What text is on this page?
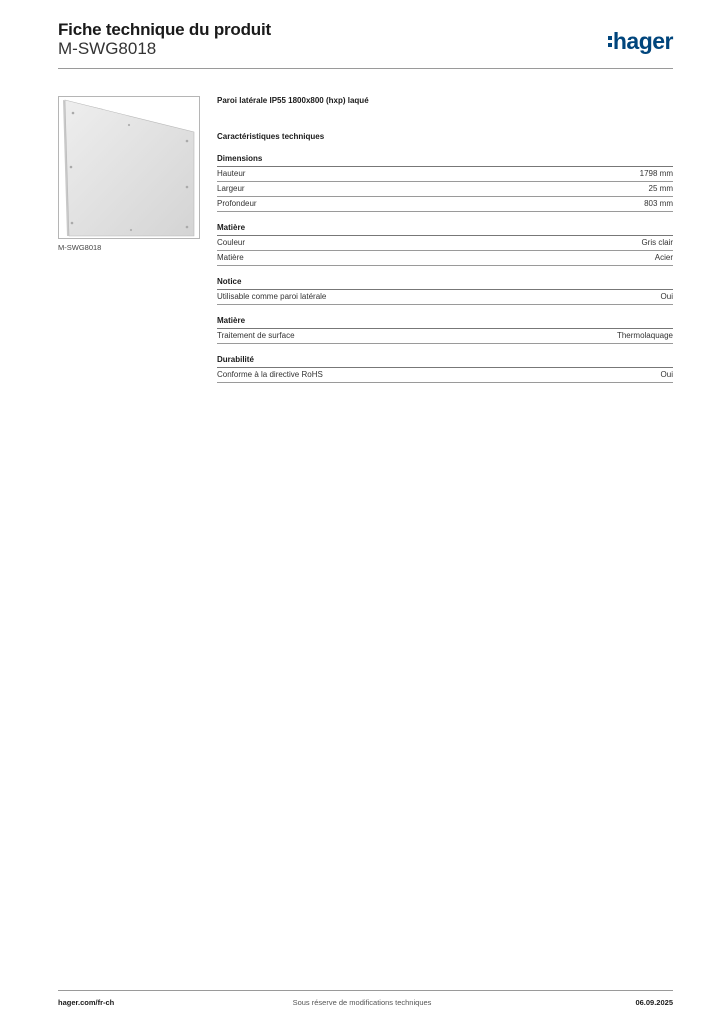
Fiche technique du produit
M-SWG8018	hager
M-SWG8018
Paroi latérale IP55 1800x800 (hxp) laqué
Caractéristiques techniques
Dimensions
Hauteur	1798 mm
Largeur	25 mm
Profondeur	803 mm
Matière
Couleur	Gris clair
Matière	Acier
Notice
Utilisable comme paroi latérale	Oui
Matière
Traitement de surface	Thermolaquage
Durabilité
Conforme à la directive RoHS	Oui
hager.com/fr-ch	Sous réserve de modifications techniques	06.09.2025
